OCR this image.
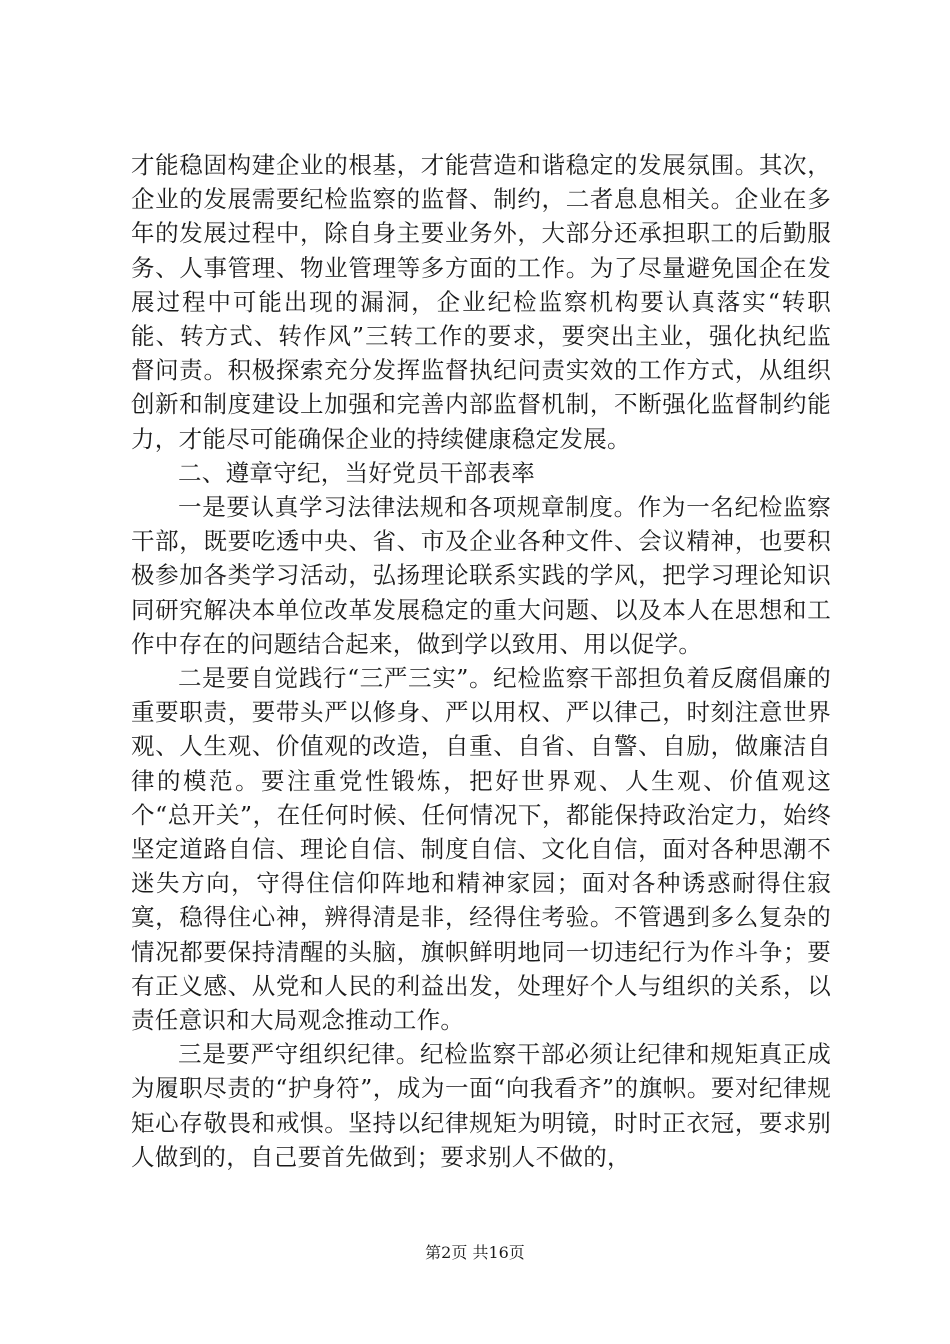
才能稳固构建企业的根基，才能营造和谐稳定的发展氛围。其次，企业的发展需要纪检监察的监督、制约，二者息息相关。企业在多年的发展过程中，除自身主要业务外，大部分还承担职工的后勤服务、人事管理、物业管理等多方面的工作。为了尽量避免国企在发展过程中可能出现的漏洞，企业纪检监察机构要认真落实“转职能、转方式、转作风”三转工作的要求，要突出主业，强化执纪监督问责。积极探索充分发挥监督执纪问责实效的工作方式，从组织创新和制度建设上加强和完善内部监督机制，不断强化监督制约能力，才能尽可能确保企业的持续健康稳定发展。

二、遵章守纪，当好党员干部表率

一是要认真学习法律法规和各项规章制度。作为一名纪检监察干部，既要吃透中央、省、市及企业各种文件、会议精神，也要积极参加各类学习活动，弘扬理论联系实践的学风，把学习理论知识同研究解决本单位改革发展稳定的重大问题、以及本人在思想和工作中存在的问题结合起来，做到学以致用、用以促学。

二是要自觉践行“三严三实”。纪检监察干部担负着反腐倡廉的重要职责，要带头严以修身、严以用权、严以律己，时刻注意世界观、人生观、价值观的改造，自重、自省、自警、自励，做廉洁自律的模范。要注重党性锻炼，把好世界观、人生观、价值观这个“总开关”，在任何时候、任何情况下，都能保持政治定力，始终坚定道路自信、理论自信、制度自信、文化自信，面对各种思潮不迷失方向，守得住信仰阵地和精神家园；面对各种诱惑耐得住寂寞，稳得住心神，辨得清是非，经得住考验。不管遇到多么复杂的情况都要保持清醒的头脑，旗帜鲜明地同一切违纪行为作斗争；要有正义感、从党和人民的利益出发，处理好个人与组织的关系，以责任意识和大局观念推动工作。

三是要严守组织纪律。纪检监察干部必须让纪律和规矩真正成为履职尽责的“护身符”，成为一面“向我看齐”的旗帜。要对纪律规矩心存敬畏和戒惧。坚持以纪律规矩为明镜，时时正衣冠，要求别人做到的，自己要首先做到；要求别人不做的，

第2页 共16页
